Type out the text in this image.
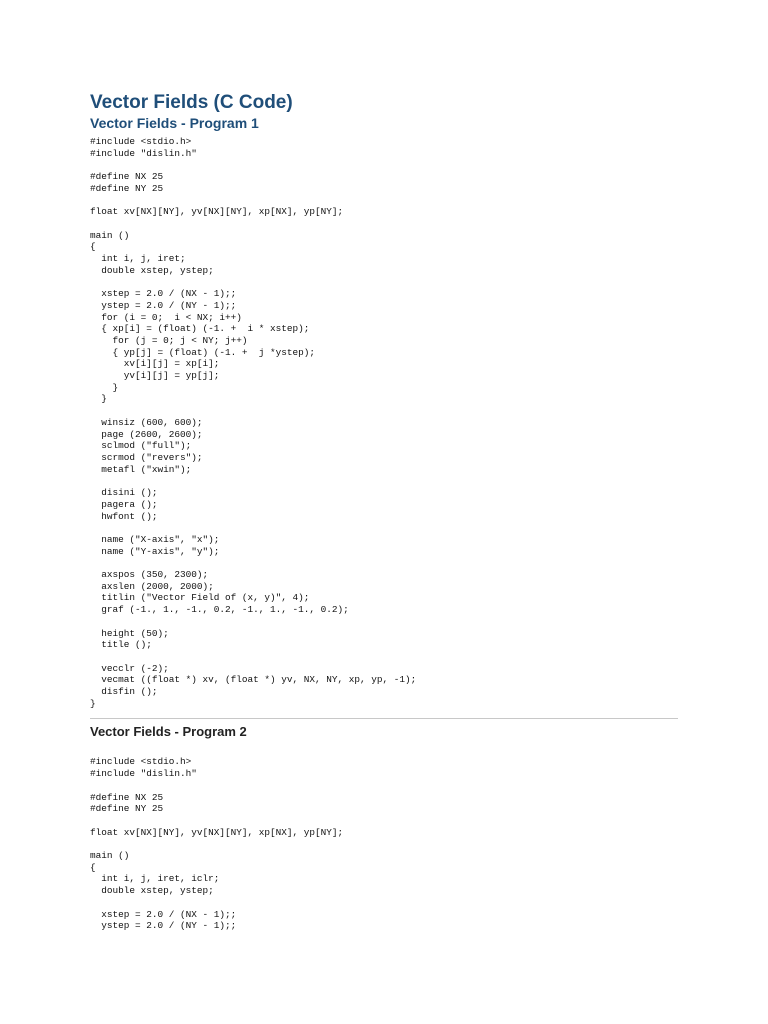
Vector Fields (C Code)
Vector Fields - Program 1
#include <stdio.h>
#include "dislin.h"

#define NX 25
#define NY 25

float xv[NX][NY], yv[NX][NY], xp[NX], yp[NY];

main ()
{
int i, j, iret;
double xstep, ystep;

xstep = 2.0 / (NX - 1);;
ystep = 2.0 / (NY - 1);;
for (i = 0;  i < NX; i++)
{ xp[i] = (float) (-1. +  i * xstep);
for (j = 0; j < NY; j++)
{ yp[j] = (float) (-1. +  j *ystep);
xv[i][j] = xp[i];
yv[i][j] = yp[j];
}
}

winsiz (600, 600);
page (2600, 2600);
sclmod ("full");
scrmod ("revers");
metafl ("xwin");

disini ();
pagera ();
hwfont ();

name ("X-axis", "x");
name ("Y-axis", "y");

axspos (350, 2300);
axslen (2000, 2000);
titlin ("Vector Field of (x, y)", 4);
graf (-1., 1., -1., 0.2, -1., 1., -1., 0.2);

height (50);
title ();

vecclr (-2);
vecmat ((float *) xv, (float *) yv, NX, NY, xp, yp, -1);
disfin ();
}
Vector Fields - Program 2
#include <stdio.h>
#include "dislin.h"

#define NX 25
#define NY 25

float xv[NX][NY], yv[NX][NY], xp[NX], yp[NY];

main ()
{
int i, j, iret, iclr;
double xstep, ystep;

xstep = 2.0 / (NX - 1);;
ystep = 2.0 / (NY - 1);;
